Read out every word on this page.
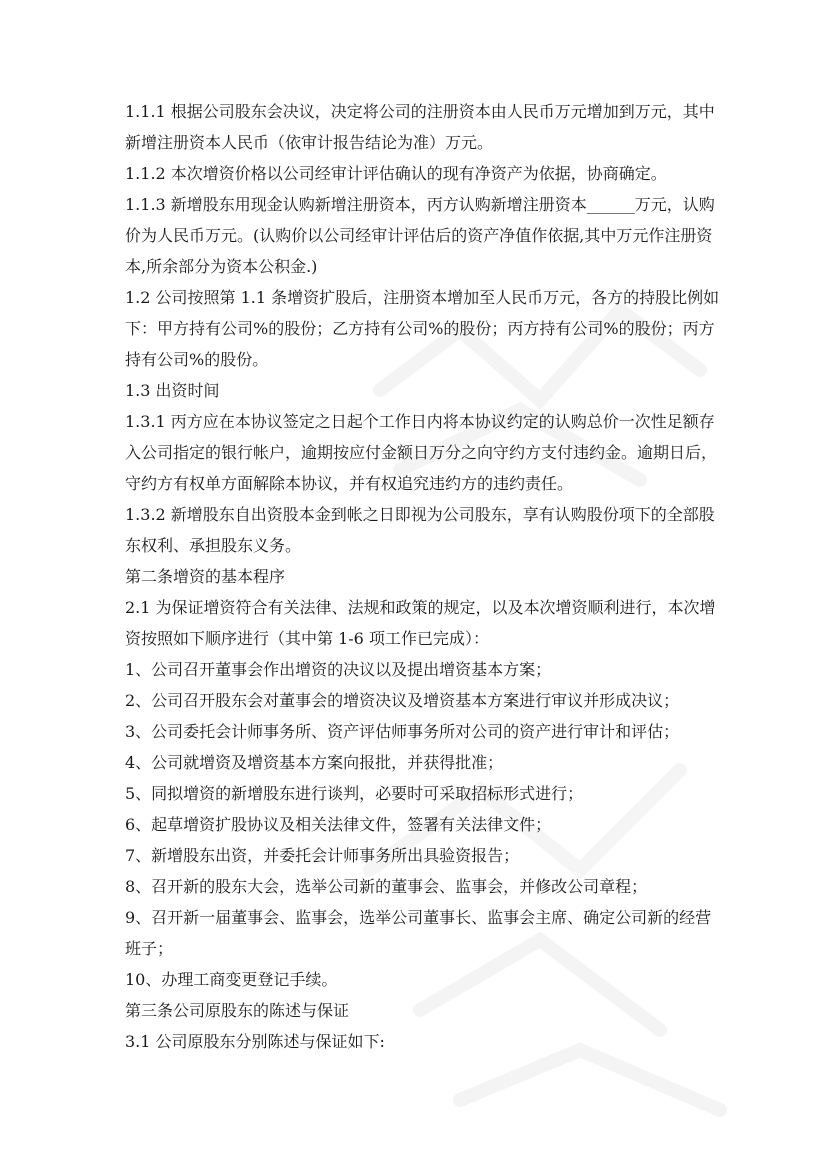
1.1.1 根据公司股东会决议，决定将公司的注册资本由人民币万元增加到万元，其中新增注册资本人民币（依审计报告结论为准）万元。

1.1.2 本次增资价格以公司经审计评估确认的现有净资产为依据，协商确定。

1.1.3 新增股东用现金认购新增注册资本，丙方认购新增注册资本______万元，认购价为人民币万元。(认购价以公司经审计评估后的资产净值作依据,其中万元作注册资本,所余部分为资本公积金.)

1.2 公司按照第 1.1 条增资扩股后，注册资本增加至人民币万元，各方的持股比例如下：甲方持有公司%的股份；乙方持有公司%的股份；丙方持有公司%的股份；丙方持有公司%的股份。

1.3 出资时间

1.3.1 丙方应在本协议签定之日起个工作日内将本协议约定的认购总价一次性足额存入公司指定的银行帐户，逾期按应付金额日万分之向守约方支付违约金。逾期日后，守约方有权单方面解除本协议，并有权追究违约方的违约责任。

1.3.2 新增股东自出资股本金到帐之日即视为公司股东，享有认购股份项下的全部股东权利、承担股东义务。

第二条增资的基本程序

2.1 为保证增资符合有关法律、法规和政策的规定，以及本次增资顺利进行，本次增资按照如下顺序进行（其中第 1-6 项工作已完成）：

1、公司召开董事会作出增资的决议以及提出增资基本方案；

2、公司召开股东会对董事会的增资决议及增资基本方案进行审议并形成决议；

3、公司委托会计师事务所、资产评估师事务所对公司的资产进行审计和评估；

4、公司就增资及增资基本方案向报批，并获得批准；

5、同拟增资的新增股东进行谈判，必要时可采取招标形式进行；

6、起草增资扩股协议及相关法律文件，签署有关法律文件；

7、新增股东出资，并委托会计师事务所出具验资报告；

8、召开新的股东大会，选举公司新的董事会、监事会，并修改公司章程；

9、召开新一届董事会、监事会，选举公司董事长、监事会主席、确定公司新的经营班子；

10、办理工商变更登记手续。

第三条公司原股东的陈述与保证

3.1 公司原股东分别陈述与保证如下:
